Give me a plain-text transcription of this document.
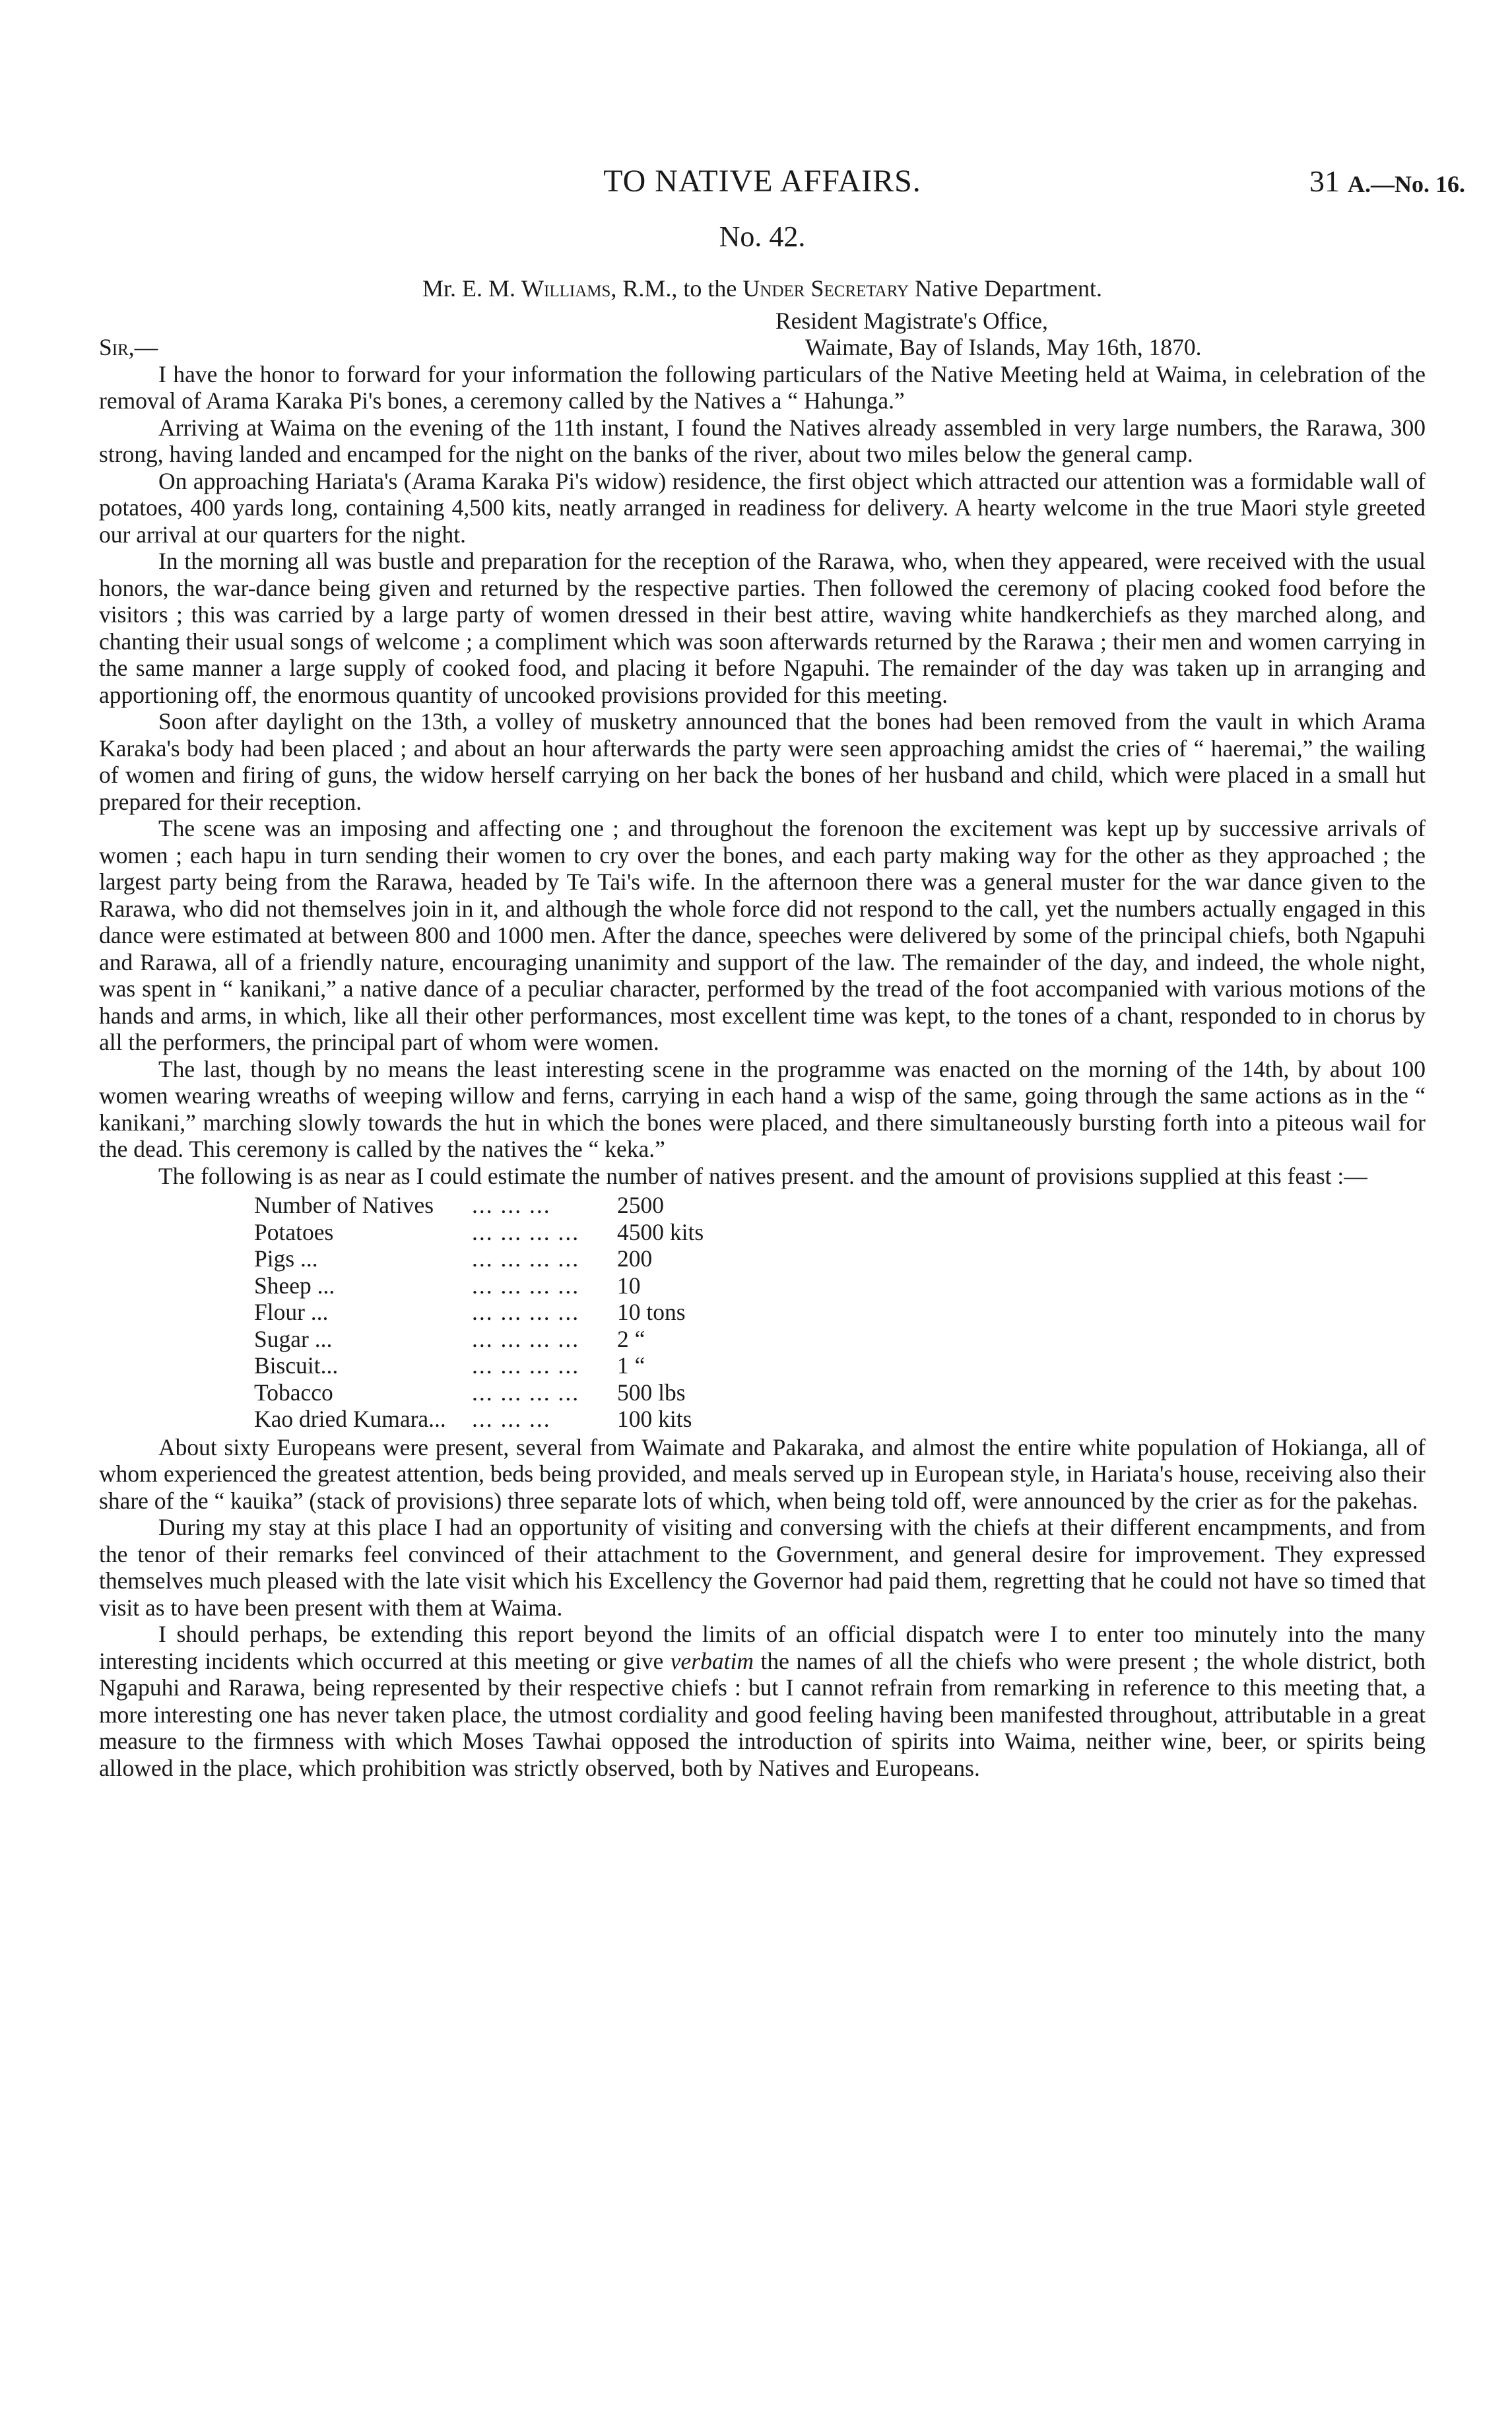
TO NATIVE AFFAIRS.	31 A.—No. 16.
No. 42.
Mr. E. M. Williams, R.M., to the Under Secretary Native Department.
Resident Magistrate's Office,
Sir,—	Waimate, Bay of Islands, May 16th, 1870.

I have the honor to forward for your information the following particulars of the Native Meeting held at Waima, in celebration of the removal of Arama Karaka Pi's bones, a ceremony called by the Natives a “ Hahunga.”

Arriving at Waima on the evening of the 11th instant, I found the Natives already assembled in very large numbers, the Rarawa, 300 strong, having landed and encamped for the night on the banks of the river, about two miles below the general camp.

On approaching Hariata's (Arama Karaka Pi's widow) residence, the first object which attracted our attention was a formidable wall of potatoes, 400 yards long, containing 4,500 kits, neatly arranged in readiness for delivery. A hearty welcome in the true Maori style greeted our arrival at our quarters for the night.

In the morning all was bustle and preparation for the reception of the Rarawa, who, when they appeared, were received with the usual honors, the war-dance being given and returned by the respective parties. Then followed the ceremony of placing cooked food before the visitors ; this was carried by a large party of women dressed in their best attire, waving white handkerchiefs as they marched along, and chanting their usual songs of welcome ; a compliment which was soon afterwards returned by the Rarawa ; their men and women carrying in the same manner a large supply of cooked food, and placing it before Ngapuhi. The remainder of the day was taken up in arranging and apportioning off, the enormous quantity of uncooked provisions provided for this meeting.

Soon after daylight on the 13th, a volley of musketry announced that the bones had been removed from the vault in which Arama Karaka's body had been placed ; and about an hour afterwards the party were seen approaching amidst the cries of “ haeremai,” the wailing of women and firing of guns, the widow herself carrying on her back the bones of her husband and child, which were placed in a small hut prepared for their reception.

The scene was an imposing and affecting one ; and throughout the forenoon the excitement was kept up by successive arrivals of women ; each hapu in turn sending their women to cry over the bones, and each party making way for the other as they approached ; the largest party being from the Rarawa, headed by Te Tai's wife. In the afternoon there was a general muster for the war dance given to the Rarawa, who did not themselves join in it, and although the whole force did not respond to the call, yet the numbers actually engaged in this dance were estimated at between 800 and 1000 men. After the dance, speeches were delivered by some of the principal chiefs, both Ngapuhi and Rarawa, all of a friendly nature, encouraging unanimity and support of the law. The remainder of the day, and indeed, the whole night, was spent in “ kanikani,” a native dance of a peculiar character, performed by the tread of the foot accompanied with various motions of the hands and arms, in which, like all their other performances, most excellent time was kept, to the tones of a chant, responded to in chorus by all the performers, the principal part of whom were women.

The last, though by no means the least interesting scene in the programme was enacted on the morning of the 14th, by about 100 women wearing wreaths of weeping willow and ferns, carrying in each hand a wisp of the same, going through the same actions as in the “ kanikani,” marching slowly towards the hut in which the bones were placed, and there simultaneously bursting forth into a piteous wail for the dead. This ceremony is called by the natives the “ keka.”

The following is as near as I could estimate the number of natives present. and the amount of provisions supplied at this feast :—

Number of Natives	... ... ...	2500
Potatoes	... ... ... ...	4500 kits
Pigs ...	... ... ... ...	200
Sheep ...	... ... ... ...	10
Flour ...	... ... ... ...	10 tons
Sugar ...	... ... ... ...	2 “
Biscuit...	... ... ... ...	1 “
Tobacco	... ... ... ...	500 lbs
Kao dried Kumara...	... ... ...	100 kits

About sixty Europeans were present, several from Waimate and Pakaraka, and almost the entire white population of Hokianga, all of whom experienced the greatest attention, beds being provided, and meals served up in European style, in Hariata's house, receiving also their share of the “ kauika” (stack of provisions) three separate lots of which, when being told off, were announced by the crier as for the pakehas.

During my stay at this place I had an opportunity of visiting and conversing with the chiefs at their different encampments, and from the tenor of their remarks feel convinced of their attachment to the Government, and general desire for improvement. They expressed themselves much pleased with the late visit which his Excellency the Governor had paid them, regretting that he could not have so timed that visit as to have been present with them at Waima.

I should perhaps, be extending this report beyond the limits of an official dispatch were I to enter too minutely into the many interesting incidents which occurred at this meeting or give verbatim the names of all the chiefs who were present ; the whole district, both Ngapuhi and Rarawa, being represented by their respective chiefs : but I cannot refrain from remarking in reference to this meeting that, a more interesting one has never taken place, the utmost cordiality and good feeling having been manifested throughout, attributable in a great measure to the firmness with which Moses Tawhai opposed the introduction of spirits into Waima, neither wine, beer, or spirits being allowed in the place, which prohibition was strictly observed, both by Natives and Europeans.
